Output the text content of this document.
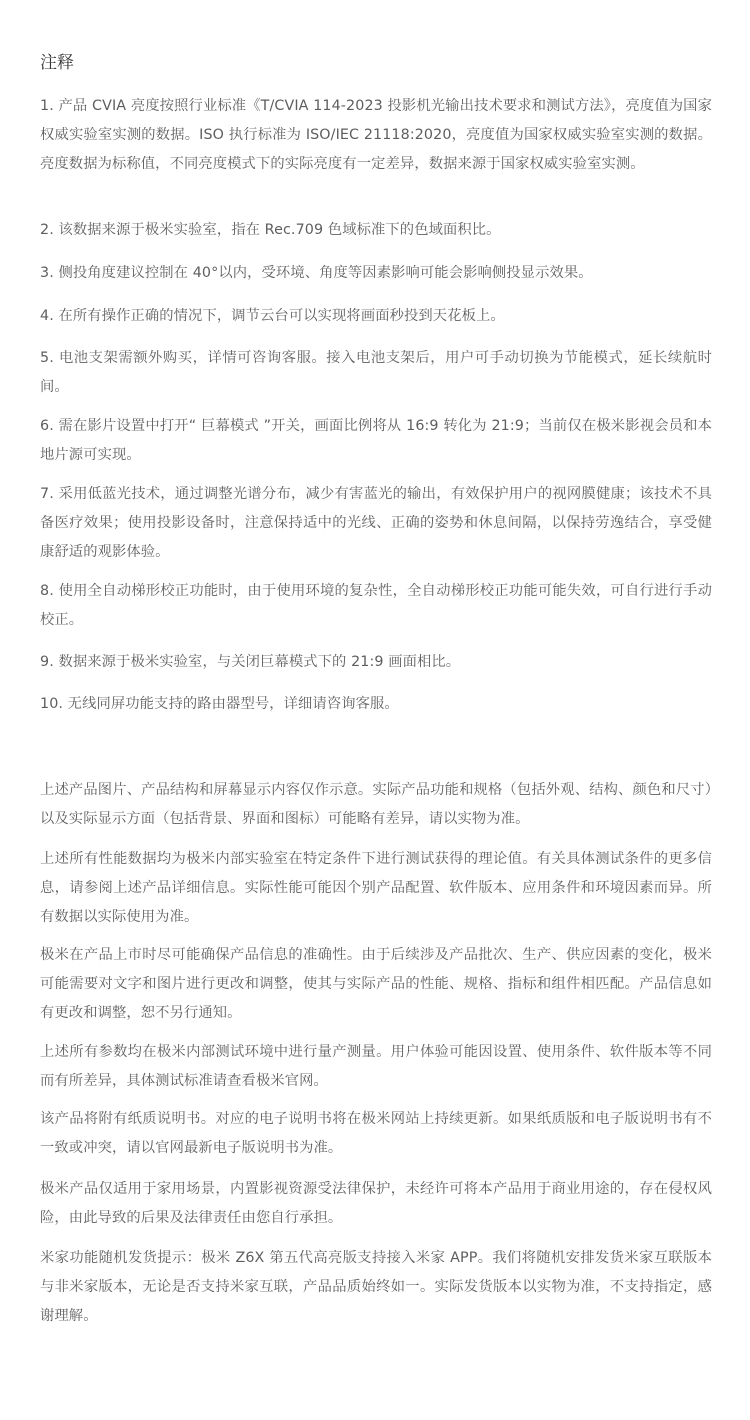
注释
1. 产品 CVIA 亮度按照行业标准《T/CVIA 114-2023 投影机光输出技术要求和测试方法》，亮度值为国家权威实验室实测的数据。ISO 执行标准为 ISO/IEC 21118:2020，亮度值为国家权威实验室实测的数据。亮度数据为标称值，不同亮度模式下的实际亮度有一定差异，数据来源于国家权威实验室实测。
2. 该数据来源于极米实验室，指在 Rec.709 色域标准下的色域面积比。
3. 侧投角度建议控制在 40°以内，受环境、角度等因素影响可能会影响侧投显示效果。
4. 在所有操作正确的情况下，调节云台可以实现将画面秒投到天花板上。
5. 电池支架需额外购买，详情可咨询客服。接入电池支架后，用户可手动切换为节能模式，延长续航时间。
6. 需在影片设置中打开“ 巨幕模式 ”开关，画面比例将从 16:9 转化为 21:9；当前仅在极米影视会员和本地片源可实现。
7. 采用低蓝光技术，通过调整光谱分布，减少有害蓝光的输出，有效保护用户的视网膜健康；该技术不具备医疗效果；使用投影设备时，注意保持适中的光线、正确的姿势和休息间隔，以保持劳逸结合，享受健康舒适的观影体验。
8. 使用全自动梯形校正功能时，由于使用环境的复杂性，全自动梯形校正功能可能失效，可自行进行手动校正。
9. 数据来源于极米实验室，与关闭巨幕模式下的 21:9 画面相比。
10. 无线同屏功能支持的路由器型号，详细请咨询客服。
上述产品图片、产品结构和屏幕显示内容仅作示意。实际产品功能和规格（包括外观、结构、颜色和尺寸）以及实际显示方面（包括背景、界面和图标）可能略有差异，请以实物为准。
上述所有性能数据均为极米内部实验室在特定条件下进行测试获得的理论值。有关具体测试条件的更多信息，请参阅上述产品详细信息。实际性能可能因个别产品配置、软件版本、应用条件和环境因素而异。所有数据以实际使用为准。
极米在产品上市时尽可能确保产品信息的准确性。由于后续涉及产品批次、生产、供应因素的变化，极米可能需要对文字和图片进行更改和调整，使其与实际产品的性能、规格、指标和组件相匹配。产品信息如有更改和调整，恕不另行通知。
上述所有参数均在极米内部测试环境中进行量产测量。用户体验可能因设置、使用条件、软件版本等不同而有所差异，具体测试标准请查看极米官网。
该产品将附有纸质说明书。对应的电子说明书将在极米网站上持续更新。如果纸质版和电子版说明书有不一致或冲突，请以官网最新电子版说明书为准。
极米产品仅适用于家用场景，内置影视资源受法律保护，未经许可将本产品用于商业用途的，存在侵权风险，由此导致的后果及法律责任由您自行承担。
米家功能随机发货提示：极米 Z6X 第五代高亮版支持接入米家 APP。我们将随机安排发货米家互联版本与非米家版本，无论是否支持米家互联，产品品质始终如一。实际发货版本以实物为准，不支持指定，感谢理解。
